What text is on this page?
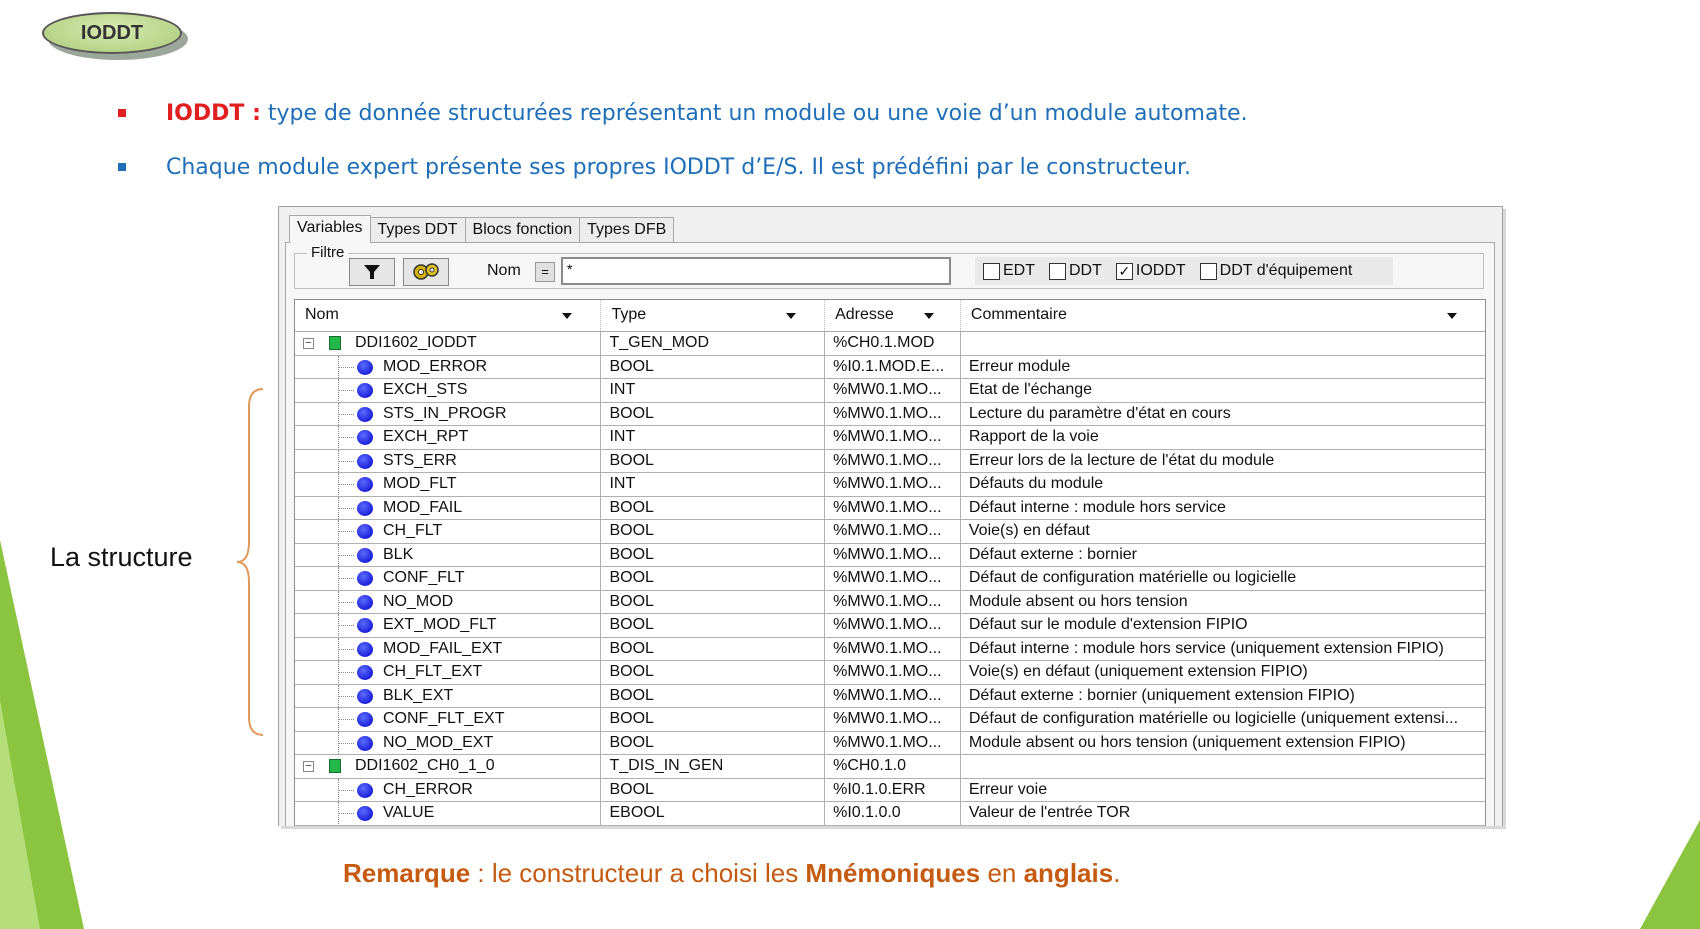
IODDT
IODDT : type de donnée structurées représentant un module ou une voie d’un module automate.
Chaque module expert présente ses propres IODDT d’E/S. Il est prédéfini par le constructeur.
Variables Types DDT Blocs fonction Types DFB
Filtre
Nom	=	*	EDT DDT ✓ IODDT DDT d'équipement
Nom	Type	Adresse	Commentaire
−	DDI1602_IODDT	T_GEN_MOD	%CH0.1.MOD
MOD_ERROR	BOOL	%I0.1.MOD.E...	Erreur module
EXCH_STS	INT	%MW0.1.MO...	Etat de l'échange
STS_IN_PROGR	BOOL	%MW0.1.MO...	Lecture du paramètre d'état en cours
EXCH_RPT	INT	%MW0.1.MO...	Rapport de la voie
STS_ERR	BOOL	%MW0.1.MO...	Erreur lors de la lecture de l'état du module
MOD_FLT	INT	%MW0.1.MO...	Défauts du module
MOD_FAIL	BOOL	%MW0.1.MO...	Défaut interne : module hors service
CH_FLT	BOOL	%MW0.1.MO...	Voie(s) en défaut
BLK	BOOL	%MW0.1.MO...	Défaut externe : bornier
CONF_FLT	BOOL	%MW0.1.MO...	Défaut de configuration matérielle ou logicielle
NO_MOD	BOOL	%MW0.1.MO...	Module absent ou hors tension
EXT_MOD_FLT	BOOL	%MW0.1.MO...	Défaut sur le module d'extension FIPIO
MOD_FAIL_EXT	BOOL	%MW0.1.MO...	Défaut interne : module hors service (uniquement extension FIPIO)
CH_FLT_EXT	BOOL	%MW0.1.MO...	Voie(s) en défaut (uniquement extension FIPIO)
BLK_EXT	BOOL	%MW0.1.MO...	Défaut externe : bornier (uniquement extension FIPIO)
CONF_FLT_EXT	BOOL	%MW0.1.MO...	Défaut de configuration matérielle ou logicielle (uniquement extensi...
NO_MOD_EXT	BOOL	%MW0.1.MO...	Module absent ou hors tension (uniquement extension FIPIO)
−	DDI1602_CH0_1_0	T_DIS_IN_GEN	%CH0.1.0
CH_ERROR	BOOL	%I0.1.0.ERR	Erreur voie
VALUE	EBOOL	%I0.1.0.0	Valeur de l'entrée TOR
La structure
Remarque : le constructeur a choisi les Mnémoniques en anglais.
